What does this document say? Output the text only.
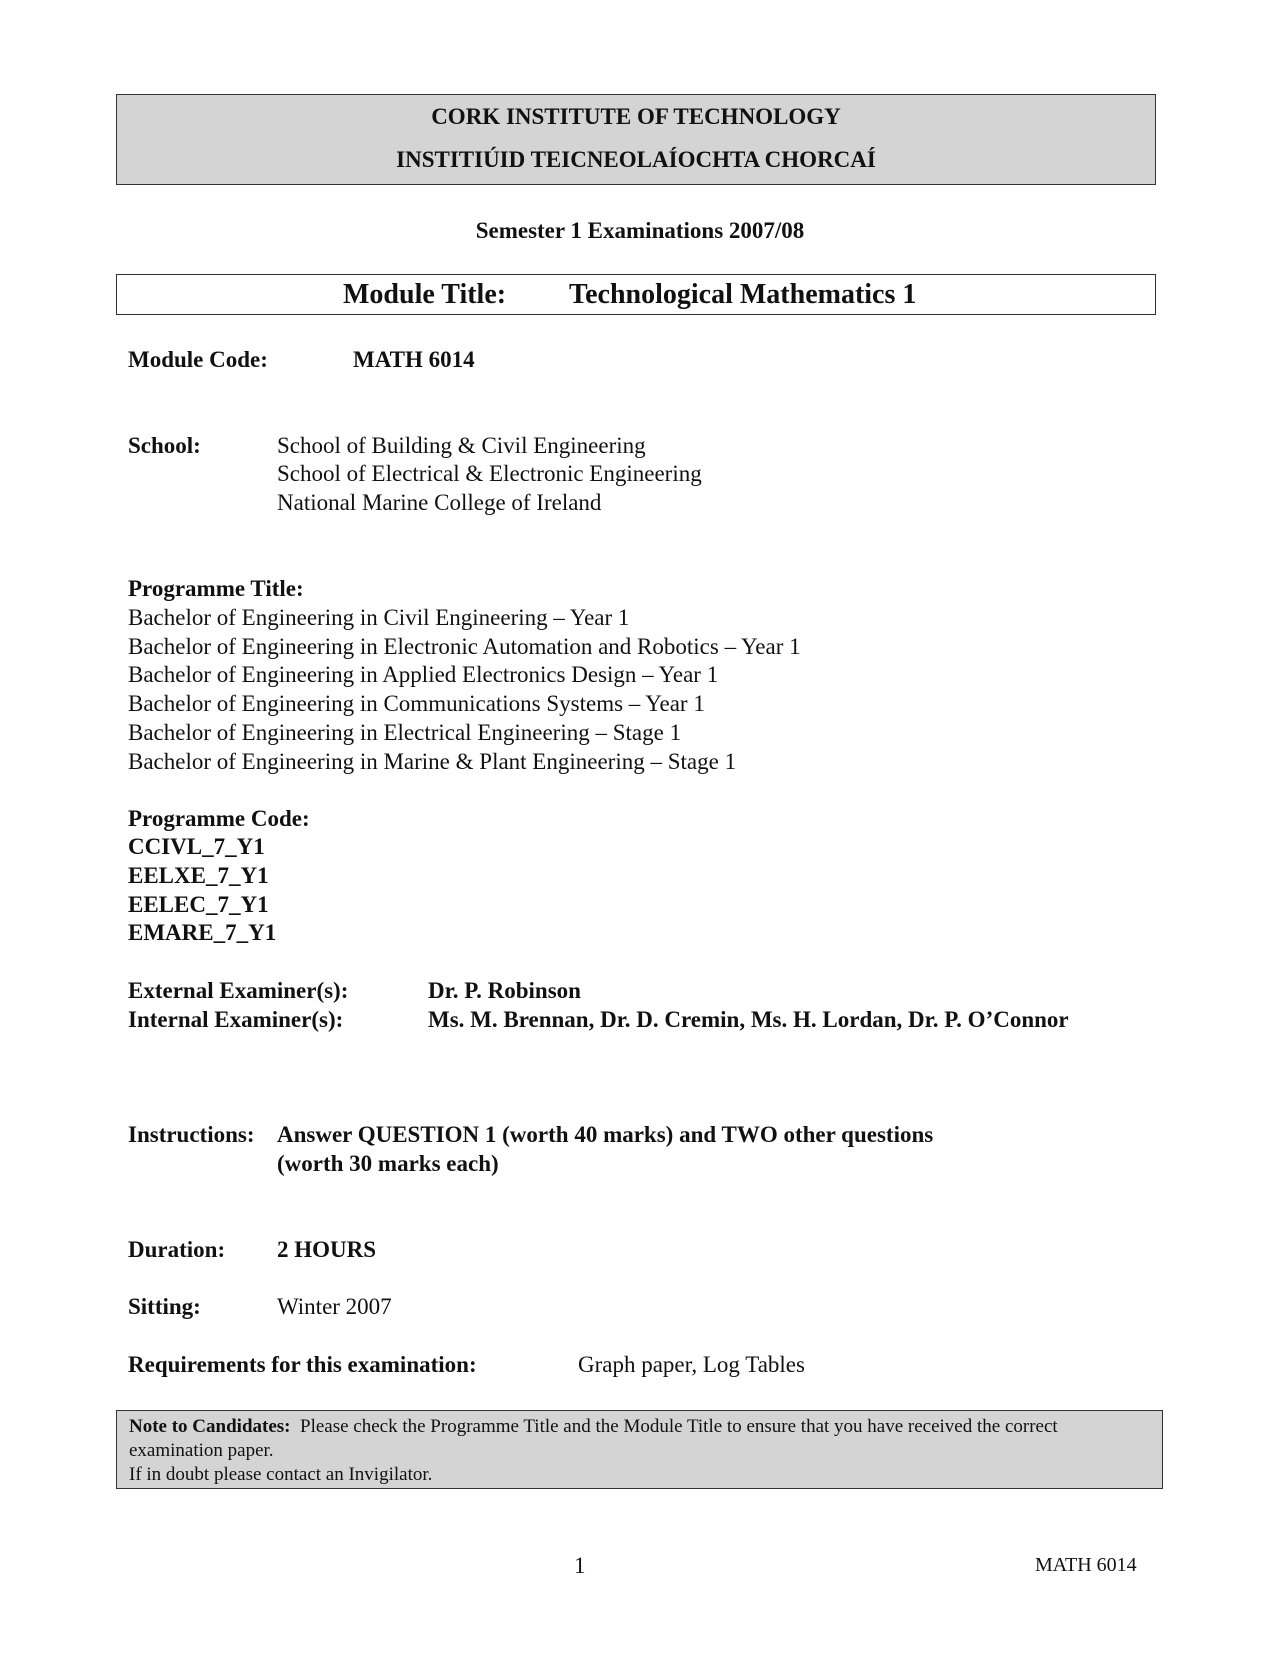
CORK INSTITUTE OF TECHNOLOGY
INSTITIÚID TEICNEOLAÍOCHTA CHORCAÍ
Semester 1 Examinations 2007/08
Module Title: Technological Mathematics 1
Module Code:	MATH 6014
School:	School of Building & Civil Engineering
School of Electrical & Electronic Engineering
National Marine College of Ireland
Programme Title:
Bachelor of Engineering in Civil Engineering – Year 1
Bachelor of Engineering in Electronic Automation and Robotics – Year 1
Bachelor of Engineering in Applied Electronics Design – Year 1
Bachelor of Engineering in Communications Systems – Year 1
Bachelor of Engineering in Electrical Engineering – Stage 1
Bachelor of Engineering in Marine & Plant Engineering – Stage 1
Programme Code:
CCIVL_7_Y1
EELXE_7_Y1
EELEC_7_Y1
EMARE_7_Y1
External Examiner(s):	Dr. P. Robinson
Internal Examiner(s):	Ms. M. Brennan, Dr. D. Cremin, Ms. H. Lordan, Dr. P. O’Connor
Instructions: Answer QUESTION 1 (worth 40 marks) and TWO other questions
(worth 30 marks each)
Duration: 2 HOURS
Sitting:	Winter 2007
Requirements for this examination:	Graph paper, Log Tables
Note to Candidates: Please check the Programme Title and the Module Title to ensure that you have received the correct examination paper.
If in doubt please contact an Invigilator.
1	MATH 6014
